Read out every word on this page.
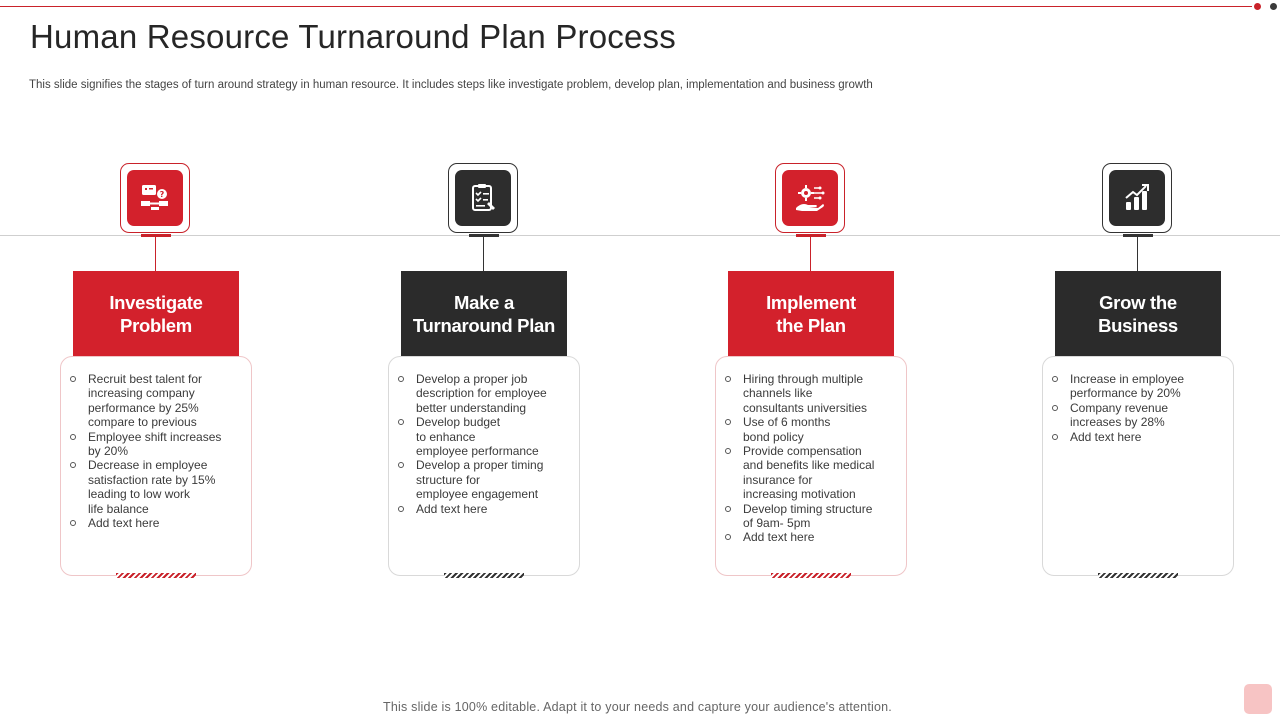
Human Resource Turnaround Plan Process
This slide signifies the stages of turn around strategy in human resource. It includes steps like investigate problem, develop plan, implementation and business growth
?
Investigate
Problem
Recruit best talent for
increasing company
performance by 25%
compare to previous
Employee shift increases
by 20%
Decrease in employee
satisfaction rate by 15%
leading to low work
life balance
Add text here
Make a
Turnaround Plan
Develop a proper job
description for employee
better understanding
Develop budget
to enhance
employee performance
Develop a proper timing
structure for
employee engagement
Add text here
Implement
the Plan
Hiring through multiple
channels like
consultants universities
Use of 6 months
bond policy
Provide compensation
and benefits like medical
insurance for
increasing motivation
Develop timing structure
of 9am- 5pm
Add text here
Grow the
Business
Increase in employee
performance by 20%
Company revenue
increases by 28%
Add text here
This slide is 100% editable. Adapt it to your needs and capture your audience's attention.
